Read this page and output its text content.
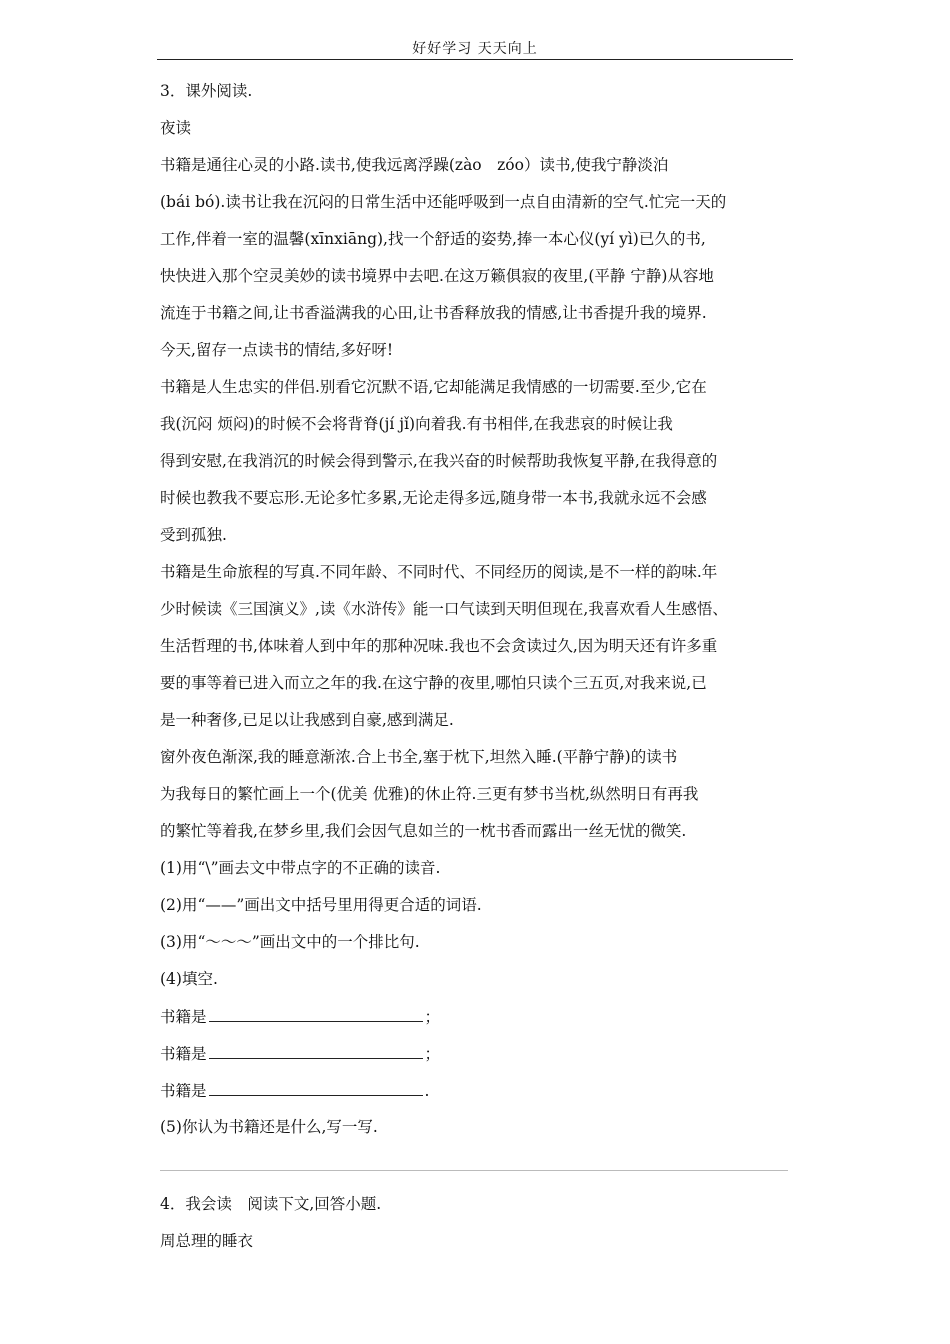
好好学习 天天向上
3．课外阅读.
夜读
书籍是通往心灵的小路.读书,使我远离浮躁(zào　zóo）读书,使我宁静淡泊
(bái bó).读书让我在沉闷的日常生活中还能呼吸到一点自由清新的空气.忙完一天的
工作,伴着一室的温馨(xīnxiāng),找一个舒适的姿势,捧一本心仪(yí yì)已久的书,
快快进入那个空灵美妙的读书境界中去吧.在这万籁俱寂的夜里,(平静 宁静)从容地
流连于书籍之间,让书香溢满我的心田,让书香释放我的情感,让书香提升我的境界.
今天,留存一点读书的情结,多好呀!
书籍是人生忠实的伴侣.别看它沉默不语,它却能满足我情感的一切需要.至少,它在
我(沉闷 烦闷)的时候不会将背脊(jí jǐ)向着我.有书相伴,在我悲哀的时候让我
得到安慰,在我消沉的时候会得到警示,在我兴奋的时候帮助我恢复平静,在我得意的
时候也教我不要忘形.无论多忙多累,无论走得多远,随身带一本书,我就永远不会感
受到孤独.
书籍是生命旅程的写真.不同年龄、不同时代、不同经历的阅读,是不一样的韵味.年
少时候读《三国演义》,读《水浒传》能一口气读到天明但现在,我喜欢看人生感悟、
生活哲理的书,体味着人到中年的那种况味.我也不会贪读过久,因为明天还有许多重
要的事等着已进入而立之年的我.在这宁静的夜里,哪怕只读个三五页,对我来说,已
是一种奢侈,已足以让我感到自豪,感到满足.
窗外夜色渐深,我的睡意渐浓.合上书全,塞于枕下,坦然入睡.(平静宁静)的读书
为我每日的繁忙画上一个(优美 优雅)的休止符.三更有梦书当枕,纵然明日有再我
的繁忙等着我,在梦乡里,我们会因气息如兰的一枕书香而露出一丝无忧的微笑.
(1)用“\”画去文中带点字的不正确的读音.
(2)用“——”画出文中括号里用得更合适的词语.
(3)用“～～～”画出文中的一个排比句.
(4)填空.
书籍是	；
书籍是	；
书籍是	.
(5)你认为书籍还是什么,写一写.
4．我会读　阅读下文,回答小题.
周总理的睡衣
